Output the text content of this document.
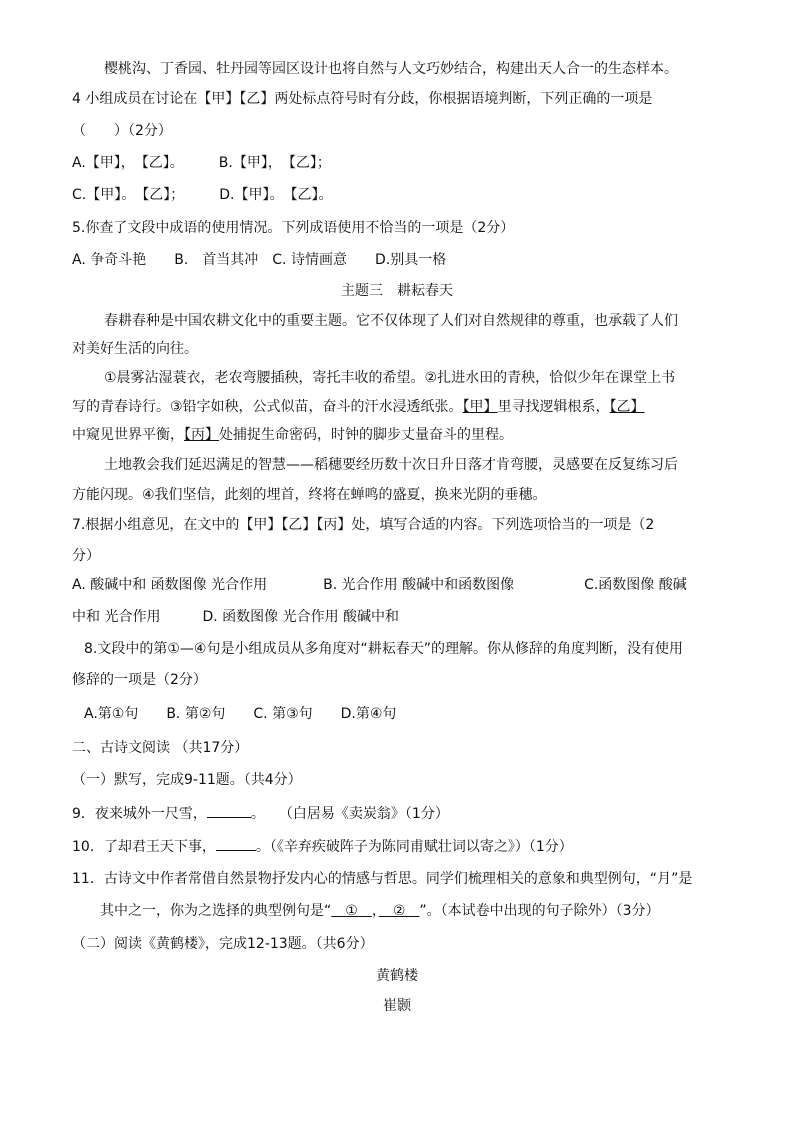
　　樱桃沟、丁香园、牡丹园等园区设计也将自然与人文巧妙结合，构建出天人合一的生态样本。
4 小组成员在讨论在【甲】【乙】两处标点符号时有分歧，你根据语境判断，下列正确的一项是
（　　）（2分）
A.【甲】，　【乙】。　　　B.【甲】，　【乙】；
C.【甲】。　【乙】；　　　D.【甲】。　【乙】。
5.你查了文段中成语的使用情况。下列成语使用不恰当的一项是（2分）
A. 争奇斗艳　　B.　首当其冲　C. 诗情画意　　D.别具一格
主题三　耕耘春天
　　春耕春种是中国农耕文化中的重要主题。它不仅体现了人们对自然规律的尊重，也承载了人们
对美好生活的向往。
　　①晨雾沾湿蓑衣，老农弯腰插秧，寄托丰收的希望。②扎进水田的青秧，恰似少年在课堂上书
写的青春诗行。③铅字如秧，公式似苗，奋斗的汗水浸透纸张。【甲】里寻找逻辑根系，【乙】
中窥见世界平衡，【丙】处捕捉生命密码，时钟的脚步丈量奋斗的里程。
　　土地教会我们延迟满足的智慧——稻穗要经历数十次日升日落才肯弯腰，灵感要在反复练习后
方能闪现。④我们坚信，此刻的埋首，终将在蝉鸣的盛夏，换来光阴的垂穗。
7.根据小组意见，在文中的【甲】【乙】【丙】处，填写合适的内容。下列选项恰当的一项是（2
分）
A. 酸碱中和 函数图像 光合作用　　　　B. 光合作用 酸碱中和函数图像　　　　　C.函数图像 酸碱
中和 光合作用　　　D. 函数图像 光合作用 酸碱中和
8.文段中的第①—④句是小组成员从多角度对“耕耘春天”的理解。你从修辞的角度判断，没有使用
修辞的一项是（2分）
A.第①句　　B. 第②句　　C. 第③句　　D.第④句
二、古诗文阅读 （共17分）
（一）默写，完成9-11题。（共4分）
9．夜来城外一尺雪，	。　　（白居易《卖炭翁》（1分）
10．了却君王天下事，	。（《辛弃疾破阵子为陈同甫赋壮词以寄之》）（1分）
11．古诗文中作者常借自然景物抒发内心的情感与哲思。同学们梳理相关的意象和典型例句，“月”是
其中之一，你为之选择的典型例句是“　①　，　②　”。（本试卷中出现的句子除外）（3分）
（二）阅读《黄鹤楼》，完成12-13题。（共6分）
黄鹤楼
崔颢
